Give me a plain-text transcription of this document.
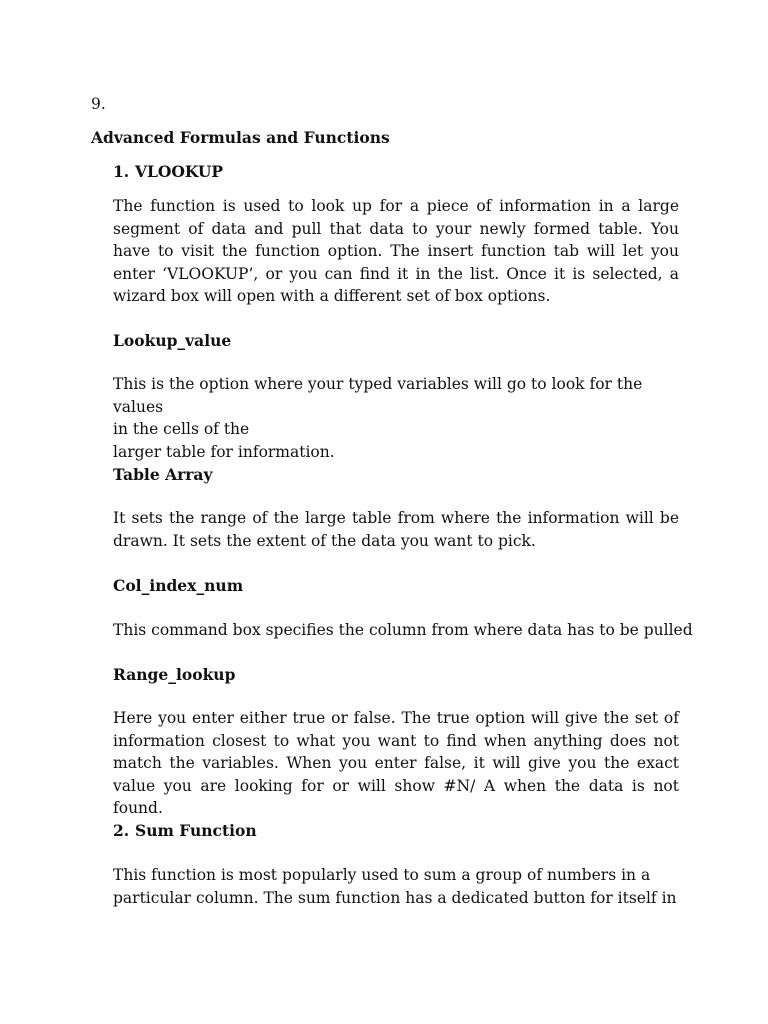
9.

Advanced Formulas and Functions

1. VLOOKUP

The function is used to look up for a piece of information in a large segment of data and pull that data to your newly formed table. You have to visit the function option. The insert function tab will let you enter ‘VLOOKUP’, or you can find it in the list. Once it is selected, a wizard box will open with a different set of box options.

Lookup_value

This is the option where your typed variables will go to look for the values
in the cells of the
larger table for information.

Table Array

It sets the range of the large table from where the information will be drawn. It sets the extent of the data you want to pick.

Col_index_num

This command box specifies the column from where data has to be pulled

Range_lookup

Here you enter either true or false. The true option will give the set of information closest to what you want to find when anything does not match the variables. When you enter false, it will give you the exact value you are looking for or will show #N/ A when the data is not found.

2. Sum Function

This function is most popularly used to sum a group of numbers in a
particular column. The sum function has a dedicated button for itself in
